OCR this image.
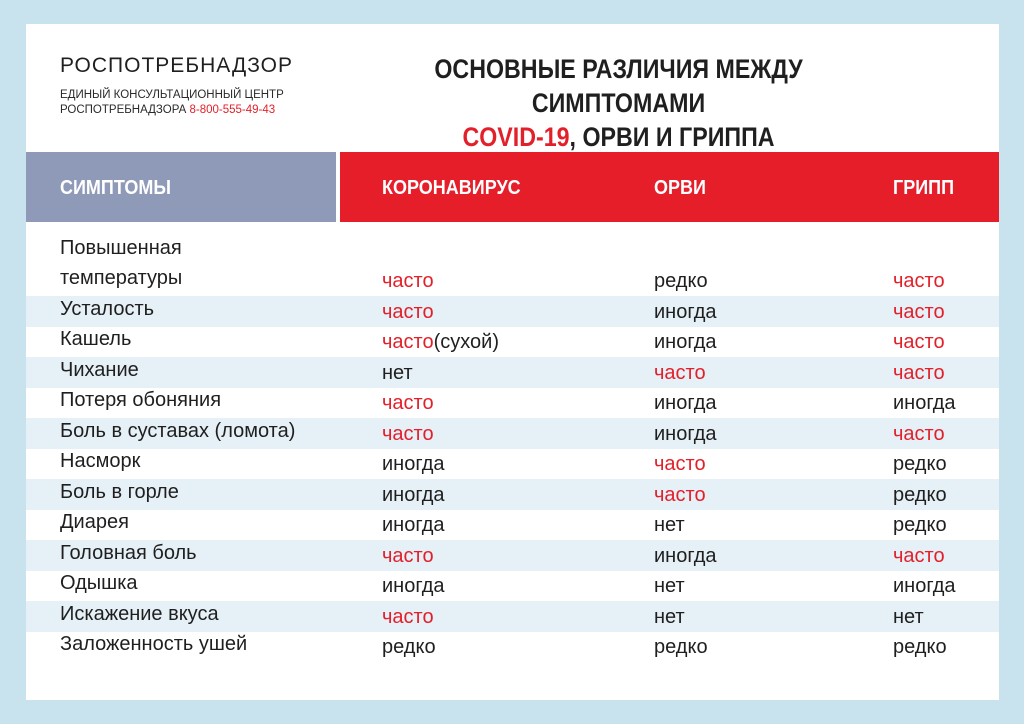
РОСПОТРЕБНАДЗОР
ЕДИНЫЙ КОНСУЛЬТАЦИОННЫЙ ЦЕНТР
РОСПОТРЕБНАДЗОРА 8-800-555-49-43
ОСНОВНЫЕ РАЗЛИЧИЯ МЕЖДУ СИМПТОМАМИ
COVID-19, ОРВИ И ГРИППА
СИМПТОМЫ	КОРОНАВИРУС	ОРВИ	ГРИПП
Повышенная температуры	часто	редко	часто
Усталость	часто	иногда	часто
Кашель	часто(сухой)	иногда	часто
Чихание	нет	часто	часто
Потеря обоняния	часто	иногда	иногда
Боль в суставах (ломота)	часто	иногда	часто
Насморк	иногда	часто	редко
Боль в горле	иногда	часто	редко
Диарея	иногда	нет	редко
Головная боль	часто	иногда	часто
Одышка	иногда	нет	иногда
Искажение вкуса	часто	нет	нет
Заложенность ушей	редко	редко	редко
